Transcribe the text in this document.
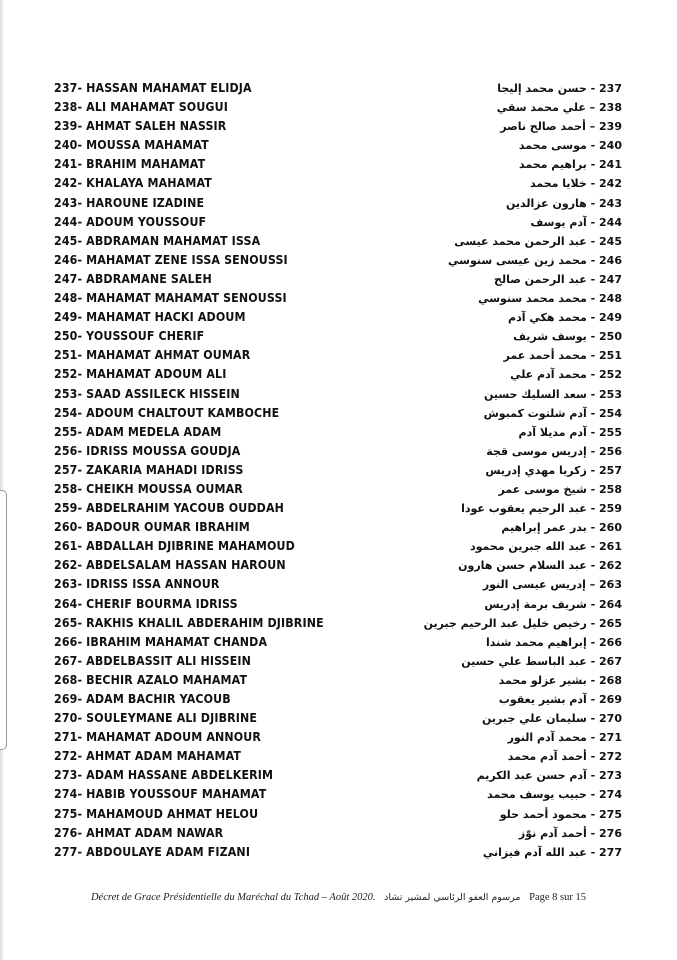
237- HASSAN MAHAMAT ELIDJA	237 - حسن محمد إليجا
238- ALI MAHAMAT SOUGUI	238 – علي محمد سقي
239- AHMAT SALEH NASSIR	239 – أحمد صالح ناصر
240- MOUSSA MAHAMAT	240 - موسى محمد
241- BRAHIM MAHAMAT	241 - براهيم محمد
242- KHALAYA MAHAMAT	242 - خلايا محمد
243- HAROUNE IZADINE	243 - هارون عزالدين
244- ADOUM YOUSSOUF	244 - آدم يوسف
245- ABDRAMAN MAHAMAT ISSA	245 - عبد الرحمن محمد عيسى
246- MAHAMAT ZENE ISSA SENOUSSI	246 - محمد زين عيسى سنوسي
247- ABDRAMANE SALEH	247 - عبد الرحمن صالح
248- MAHAMAT MAHAMAT SENOUSSI	248 - محمد محمد سنوسي
249- MAHAMAT HACKI ADOUM	249 - محمد هكي آدم
250- YOUSSOUF CHERIF	250 - يوسف شريف
251- MAHAMAT AHMAT OUMAR	251 - محمد أحمد عمر
252- MAHAMAT ADOUM ALI	252 - محمد آدم علي
253- SAAD ASSILECK HISSEIN	253 - سعد السليك حسين
254- ADOUM CHALTOUT KAMBOCHE	254 - آدم شلتوت كمبوش
255- ADAM MEDELA ADAM	255 - آدم مديلا آدم
256- IDRISS MOUSSA GOUDJA	256 - إدريس موسى قجة
257- ZAKARIA MAHADI IDRISS	257 - زكريا مهدي إدريس
258- CHEIKH MOUSSA OUMAR	258 - شيخ موسى عمر
259- ABDELRAHIM YACOUB OUDDAH	259 - عبد الرحيم يعقوب عودا
260- BADOUR OUMAR IBRAHIM	260 - بدر عمر إبراهيم
261- ABDALLAH DJIBRINE MAHAMOUD	261 - عبد الله جبرين محمود
262- ABDELSALAM HASSAN HAROUN	262 - عبد السلام حسن هارون
263- IDRISS ISSA ANNOUR	263 – إدريس عيسى النور
264- CHERIF BOURMA IDRISS	264 - شريف برمة إدريس
265- RAKHIS KHALIL ABDERAHIM DJIBRINE	265 - رخيص خليل عبد الرحيم جبرين
266- IBRAHIM MAHAMAT CHANDA	266 - إبراهيم محمد شندا
267- ABDELBASSIT ALI HISSEIN	267 - عبد الباسط علي حسين
268- BECHIR AZALO MAHAMAT	268 - بشير عزلو محمد
269- ADAM BACHIR YACOUB	269 - آدم بشير يعقوب
270- SOULEYMANE ALI DJIBRINE	270 - سليمان علي جبرين
271- MAHAMAT ADOUM ANNOUR	271 - محمد آدم النور
272- AHMAT ADAM MAHAMAT	272 - أحمد آدم محمد
273- ADAM HASSANE ABDELKERIM	273 - آدم حسن عبد الكريم
274- HABIB YOUSSOUF MAHAMAT	274 - حبيب يوسف محمد
275- MAHAMOUD AHMAT HELOU	275 - محمود أحمد حلو
276- AHMAT ADAM NAWAR	276 - أحمد آدم نوّز
277- ABDOULAYE ADAM FIZANI	277 - عبد الله آدم فيزاني
Décret de Grace Présidentielle du Maréchal du Tchad – Août 2020. مرسوم العفو الرئاسي لمشير تشاد Page 8 sur 15
